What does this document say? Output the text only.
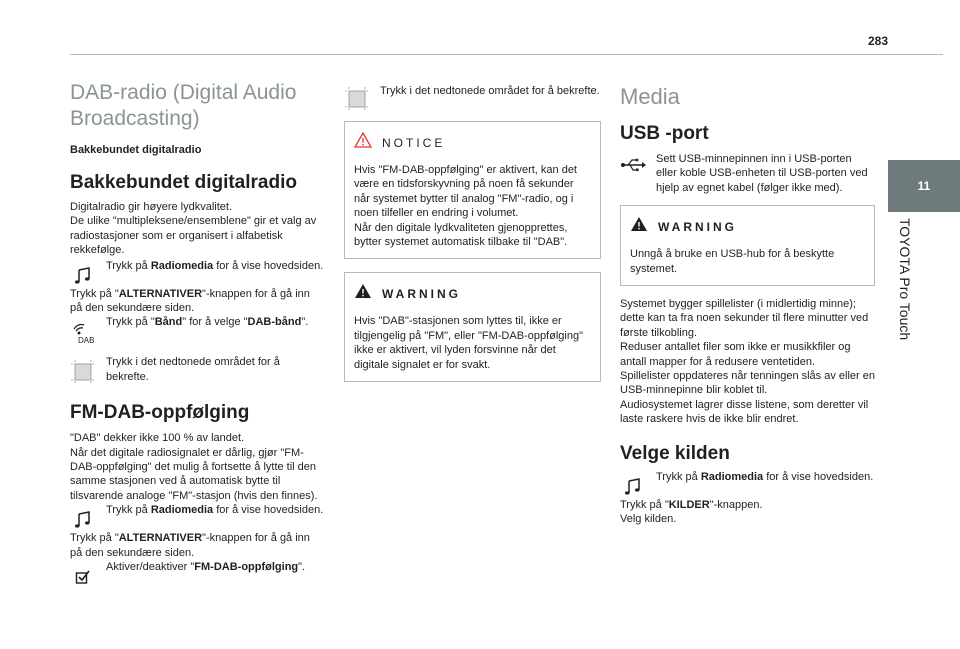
283
11
TOYOTA Pro Touch
DAB-radio (Digital Audio Broadcasting)
Bakkebundet digitalradio
Bakkebundet digitalradio

Digitalradio gir høyere lydkvalitet.

De ulike "multipleksene/ensemblene" gir et valg av radiostasjoner som er organisert i alfabetisk rekkefølge.

Trykk på Radiomedia for å vise hovedsiden.

Trykk på "ALTERNATIVER"-knappen for å gå inn på den sekundære siden.

DAB

Trykk på "Bånd" for å velge "DAB-bånd".

Trykk i det nedtonede området for å bekrefte.

FM-DAB-oppfølging

"DAB" dekker ikke 100 % av landet.

Når det digitale radiosignalet er dårlig, gjør "FM-DAB-oppfølging" det mulig å fortsette å lytte til den samme stasjonen ved å automatisk bytte til tilsvarende analoge "FM"-stasjon (hvis den finnes).

Trykk på Radiomedia for å vise hovedsiden.

Trykk på "ALTERNATIVER"-knappen for å gå inn på den sekundære siden.

Aktiver/deaktiver "FM-DAB-oppfølging".

Trykk i det nedtonede området for å bekrefte.

NOTICE

Hvis "FM-DAB-oppfølging" er aktivert, kan det være en tidsforskyvning på noen få sekunder når systemet bytter til analog "FM"-radio, og i noen tilfeller en endring i volumet.

Når den digitale lydkvaliteten gjenopprettes, bytter systemet automatisk tilbake til "DAB".

WARNING

Hvis "DAB"-stasjonen som lyttes til, ikke er tilgjengelig på "FM", eller "FM-DAB-oppfølging" ikke er aktivert, vil lyden forsvinne når det digitale signalet er for svakt.

Media
USB -port

Sett USB-minnepinnen inn i USB-porten eller koble USB-enheten til USB-porten ved hjelp av egnet kabel (følger ikke med).

WARNING

Unngå å bruke en USB-hub for å beskytte systemet.

Systemet bygger spillelister (i midlertidig minne); dette kan ta fra noen sekunder til flere minutter ved første tilkobling.

Reduser antallet filer som ikke er musikkfiler og antall mapper for å redusere ventetiden.

Spillelister oppdateres når tenningen slås av eller en USB-minnepinne blir koblet til.

Audiosystemet lagrer disse listene, som deretter vil laste raskere hvis de ikke blir endret.

Velge kilden

Trykk på Radiomedia for å vise hovedsiden.

Trykk på "KILDER"-knappen.

Velg kilden.
